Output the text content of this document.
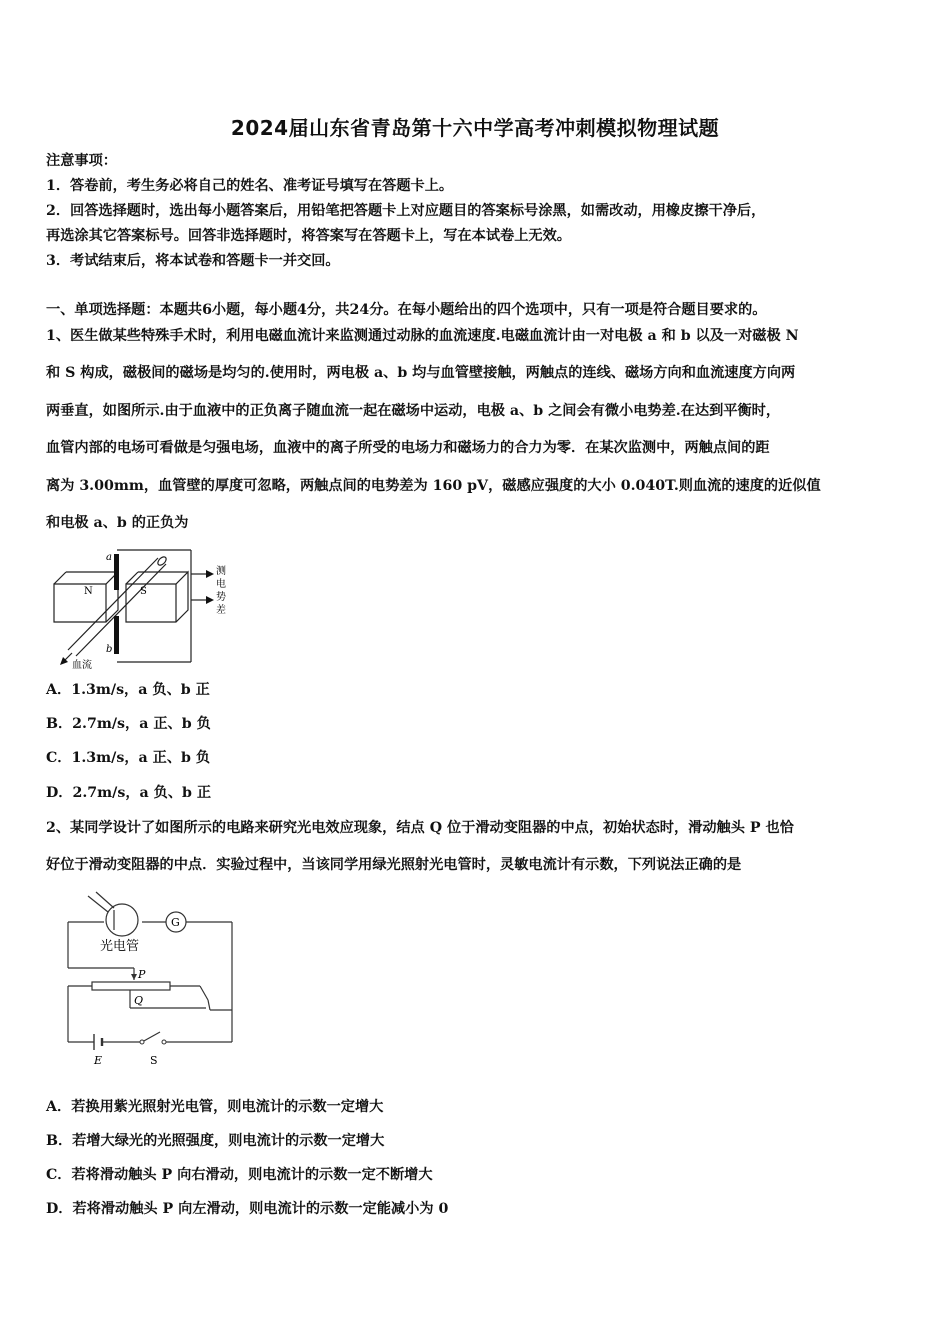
2024届山东省青岛第十六中学高考冲刺模拟物理试题
注意事项：
1．答卷前，考生务必将自己的姓名、准考证号填写在答题卡上。
2．回答选择题时，选出每小题答案后，用铅笔把答题卡上对应题目的答案标号涂黑，如需改动，用橡皮擦干净后，
再选涂其它答案标号。回答非选择题时，将答案写在答题卡上，写在本试卷上无效。
3．考试结束后，将本试卷和答题卡一并交回。
一、单项选择题：本题共6小题，每小题4分，共24分。在每小题给出的四个选项中，只有一项是符合题目要求的。
1、医生做某些特殊手术时，利用电磁血流计来监测通过动脉的血流速度.电磁血流计由一对电极 a 和 b 以及一对磁极 N
和 S 构成，磁极间的磁场是均匀的.使用时，两电极 a、b 均与血管壁接触，两触点的连线、磁场方向和血流速度方向两
两垂直，如图所示.由于血液中的正负离子随血流一起在磁场中运动，电极 a、b 之间会有微小电势差.在达到平衡时，
血管内部的电场可看做是匀强电场，血液中的离子所受的电场力和磁场力的合力为零．在某次监测中，两触点间的距
离为 3.00mm，血管壁的厚度可忽略，两触点间的电势差为 160 pV，磁感应强度的大小 0.040T.则血流的速度的近似值
和电极 a、b 的正负为
a
b
N	S
血流
测
电
势
差
A．1.3m/s，a 负、b 正
B．2.7m/s，a 正、b 负
C．1.3m/s，a 正、b 负
D．2.7m/s，a 负、b 正
2、某同学设计了如图所示的电路来研究光电效应现象，结点 Q 位于滑动变阻器的中点，初始状态时，滑动触头 P 也恰
好位于滑动变阻器的中点．实验过程中，当该同学用绿光照射光电管时，灵敏电流计有示数，下列说法正确的是
光电管
G
P
Q
E	S
A．若换用紫光照射光电管，则电流计的示数一定增大
B．若增大绿光的光照强度，则电流计的示数一定增大
C．若将滑动触头 P 向右滑动，则电流计的示数一定不断增大
D．若将滑动触头 P 向左滑动，则电流计的示数一定能减小为 0
